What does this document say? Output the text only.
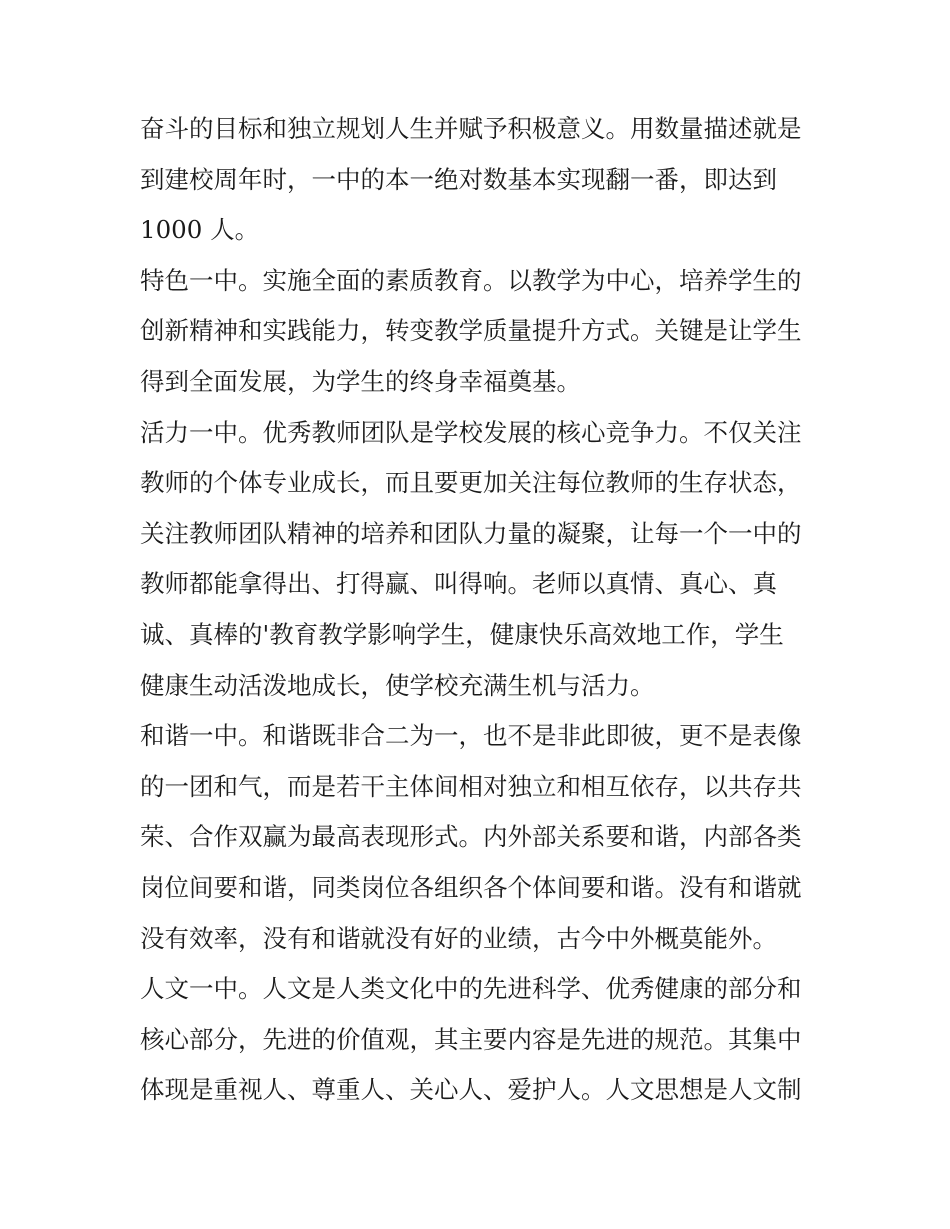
奋斗的目标和独立规划人生并赋予积极意义。用数量描述就是
到建校周年时，一中的本一绝对数基本实现翻一番，即达到
1000 人。
特色一中。实施全面的素质教育。以教学为中心，培养学生的
创新精神和实践能力，转变教学质量提升方式。关键是让学生
得到全面发展，为学生的终身幸福奠基。
活力一中。优秀教师团队是学校发展的核心竞争力。不仅关注
教师的个体专业成长，而且要更加关注每位教师的生存状态，
关注教师团队精神的培养和团队力量的凝聚，让每一个一中的
教师都能拿得出、打得赢、叫得响。老师以真情、真心、真
诚、真棒的'教育教学影响学生，健康快乐高效地工作，学生
健康生动活泼地成长，使学校充满生机与活力。
和谐一中。和谐既非合二为一，也不是非此即彼，更不是表像
的一团和气，而是若干主体间相对独立和相互依存，以共存共
荣、合作双赢为最高表现形式。内外部关系要和谐，内部各类
岗位间要和谐，同类岗位各组织各个体间要和谐。没有和谐就
没有效率，没有和谐就没有好的业绩，古今中外概莫能外。
人文一中。人文是人类文化中的先进科学、优秀健康的部分和
核心部分，先进的价值观，其主要内容是先进的规范。其集中
体现是重视人、尊重人、关心人、爱护人。人文思想是人文制
